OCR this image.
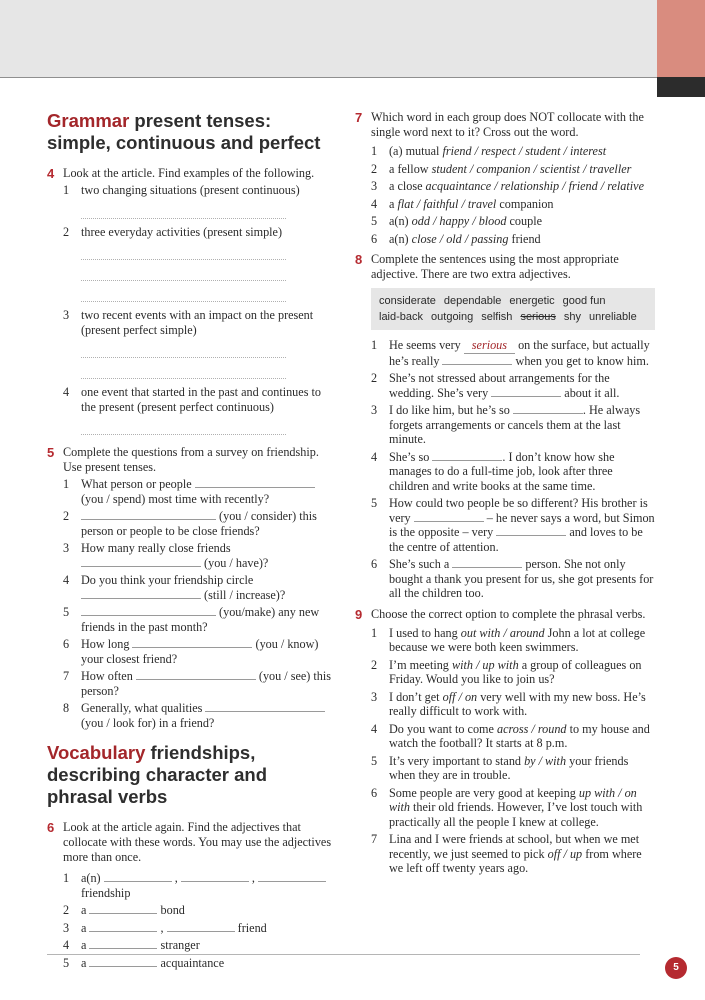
Grammar present tenses: simple, continuous and perfect
4 Look at the article. Find examples of the following.
1 two changing situations (present continuous)
2 three everyday activities (present simple)
3 two recent events with an impact on the present (present perfect simple)
4 one event that started in the past and continues to the present (present perfect continuous)
5 Complete the questions from a survey on friendship. Use present tenses.
1 What person or people  (you / spend) most time with recently?
2	(you / consider) this person or people to be close friends?
3 How many really close friends  (you / have)?
4 Do you think your friendship circle  (still / increase)?
5	(you/make) any new friends in the past month?
6 How long	(you / know) your closest friend?
7 How often	(you / see) this person?
8 Generally, what qualities  (you / look for) in a friend?
Vocabulary friendships, describing character and phrasal verbs
6 Look at the article again. Find the adjectives that collocate with these words. You may use the adjectives more than once.
1 a(n)	,	,
friendship
2 a	bond
3 a	,	friend
4 a	stranger
5 a	acquaintance
7 Which word in each group does NOT collocate with the single word next to it? Cross out the word.
1 (a) mutual friend / respect / student / interest
2 a fellow student / companion / scientist / traveller
3 a close acquaintance / relationship / friend / relative
4 a flat / faithful / travel companion
5 a(n) odd / happy / blood couple
6 a(n) close / old / passing friend
8 Complete the sentences using the most appropriate adjective. There are two extra adjectives.
considerate dependable energetic good fun
laid-back outgoing selfish serious shy unreliable
1 He seems very serious on the surface, but actually he’s really	when you get to know him.
2 She’s not stressed about arrangements for the wedding. She’s very	about it all.
3 I do like him, but he’s so	. He always forgets arrangements or cancels them at the last minute.
4 She’s so	. I don’t know how she manages to do a full-time job, look after three children and write books at the same time.
5 How could two people be so different? His brother is very	– he never says a word, but Simon is the opposite – very	and loves to be the centre of attention.
6 She’s such a	person. She not only bought a thank you present for us, she got presents for all the children too.
9 Choose the correct option to complete the phrasal verbs.
1 I used to hang out with / around John a lot at college because we were both keen swimmers.
2 I’m meeting with / up with a group of colleagues on Friday. Would you like to join us?
3 I don’t get off / on very well with my new boss. He’s really difficult to work with.
4 Do you want to come across / round to my house and watch the football? It starts at 8 p.m.
5 It’s very important to stand by / with your friends when they are in trouble.
6 Some people are very good at keeping up with / on with their old friends. However, I’ve lost touch with practically all the people I knew at college.
7 Lina and I were friends at school, but when we met recently, we just seemed to pick off / up from where we left off twenty years ago.
5
